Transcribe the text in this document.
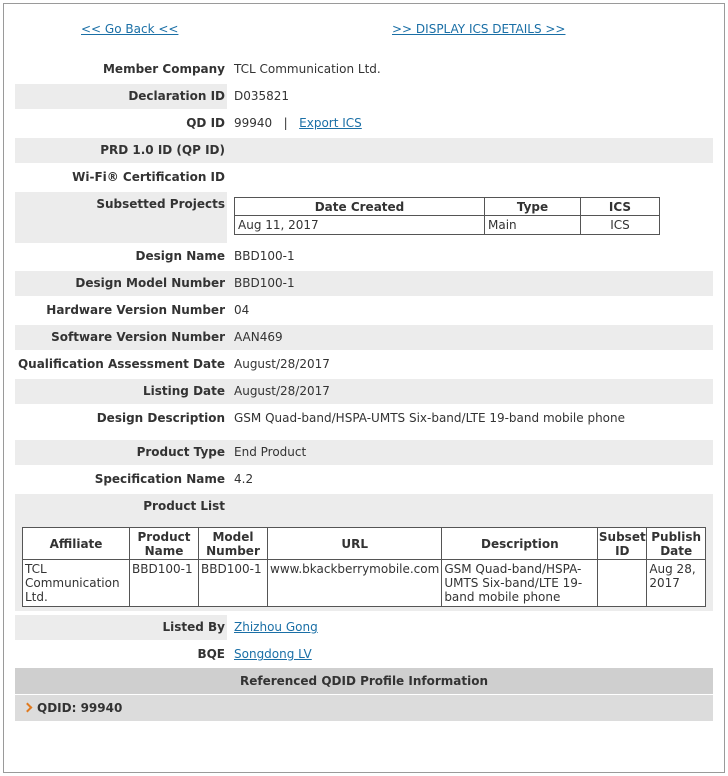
<< Go Back <<	>> DISPLAY ICS DETAILS >>
Member Company TCL Communication Ltd.
Declaration ID D035821
QD ID 99940 | Export ICS
PRD 1.0 ID (QP ID)
Wi-Fi® Certification ID
Subsetted Projects	Date Created	Type	ICS
Aug 11, 2017	Main	ICS
Design Name BBD100-1
Design Model Number BBD100-1
Hardware Version Number 04
Software Version Number AAN469
Qualification Assessment Date August/28/2017
Listing Date August/28/2017
Design Description GSM Quad-band/HSPA-UMTS Six-band/LTE 19-band mobile phone
Product Type End Product
Specification Name 4.2
Product List
Affiliate	Product Name	Model Number	URL	Description	Subset ID	Publish Date
TCL Communication Ltd.	BBD100-1	BBD100-1	www.bkackberrymobile.com	GSM Quad-band/HSPA-UMTS Six-band/LTE 19-band mobile phone		Aug 28, 2017
Listed By Zhizhou Gong
BQE Songdong LV
Referenced QDID Profile Information
QDID: 99940
